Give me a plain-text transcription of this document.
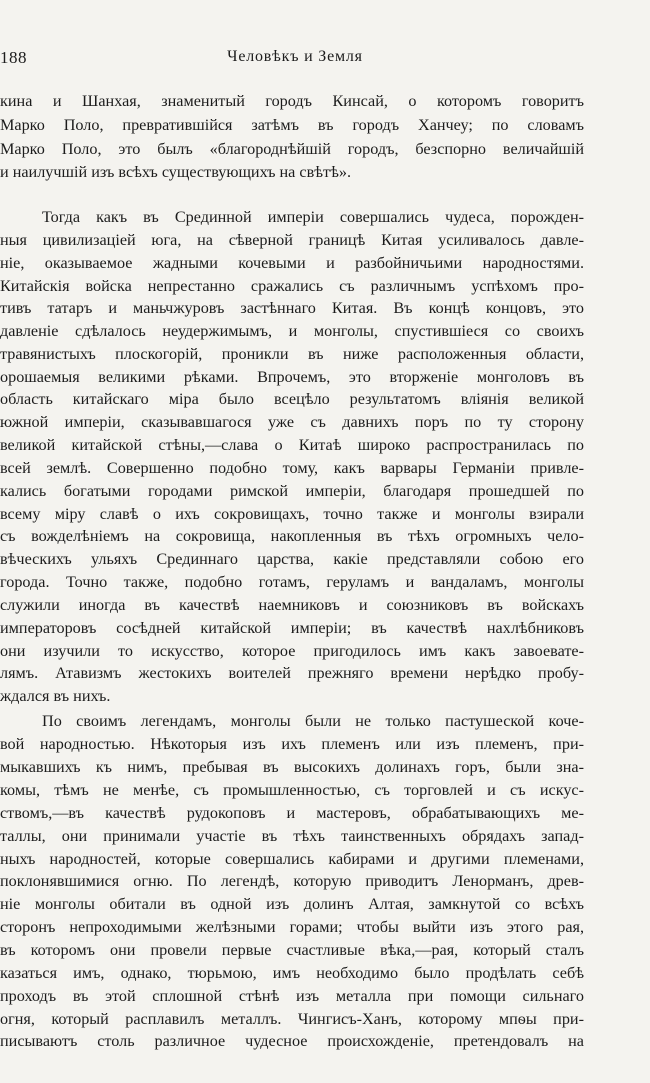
188	Человѣкъ и Земля
кина и Шанхая, знаменитый городъ Кинсай, о которомъ говоритъ
Марко Поло, превратившійся затѣмъ въ городъ Ханчеу; по словамъ
Марко Поло, это былъ «благороднѣйшій городъ, безспорно величайшій
и наилучшій изъ всѣхъ существующихъ на свѣтѣ».
Тогда какъ въ Срединной имперіи совершались чудеса, порожден-
ныя цивилизаціей юга, на сѣверной границѣ Китая усиливалось давле-
ніе, оказываемое жадными кочевыми и разбойничьими народностями.
Китайскія войска непрестанно сражались съ различнымъ успѣхомъ про-
тивъ татаръ и маньчжуровъ застѣннаго Китая. Въ концѣ концовъ, это
давленіе сдѣлалось неудержимымъ, и монголы, спустившіеся со своихъ
травянистыхъ плоскогорій, проникли въ ниже расположенныя области,
орошаемыя великими рѣками. Впрочемъ, это вторженіе монголовъ въ
область китайскаго міра было всецѣло результатомъ вліянія великой
южной имперіи, сказывавшагося уже съ давнихъ поръ по ту сторону
великой китайской стѣны,—слава о Китаѣ широко распространилась по
всей землѣ. Совершенно подобно тому, какъ варвары Германіи привле-
кались богатыми городами римской имперіи, благодаря прошедшей по
всему міру славѣ о ихъ сокровищахъ, точно также и монголы взирали
съ вожделѣніемъ на сокровища, накопленныя въ тѣхъ огромныхъ чело-
вѣческихъ ульяхъ Срединнаго царства, какіе представляли собою его
города. Точно также, подобно готамъ, геруламъ и вандаламъ, монголы
служили иногда въ качествѣ наемниковъ и союзниковъ въ войскахъ
императоровъ сосѣдней китайской имперіи; въ качествѣ нахлѣбниковъ
они изучили то искусство, которое пригодилось имъ какъ завоевате-
лямъ. Атавизмъ жестокихъ воителей прежняго времени нерѣдко пробу-
ждался въ нихъ.
По своимъ легендамъ, монголы были не только пастушеской коче-
вой народностью. Нѣкоторыя изъ ихъ племенъ или изъ племенъ, при-
мыкавшихъ къ нимъ, пребывая въ высокихъ долинахъ горъ, были зна-
комы, тѣмъ не менѣе, съ промышленностью, съ торговлей и съ искус-
ствомъ,—въ качествѣ рудокоповъ и мастеровъ, обрабатывающихъ ме-
таллы, они принимали участіе въ тѣхъ таинственныхъ обрядахъ запад-
ныхъ народностей, которые совершались кабирами и другими племенами,
поклонявшимися огню. По легендѣ, которую приводитъ Ленорманъ, древ-
ніе монголы обитали въ одной изъ долинъ Алтая, замкнутой со всѣхъ
сторонъ непроходимыми желѣзными горами; чтобы выйти изъ этого рая,
въ которомъ они провели первые счастливые вѣка,—рая, который сталъ
казаться имъ, однако, тюрьмою, имъ необходимо было продѣлать себѣ
проходъ въ этой сплошной стѣнѣ изъ металла при помощи сильнаго
огня, который расплавилъ металлъ. Чингисъ-Ханъ, которому мпѳы при-
писываютъ столь различное чудесное происхожденіе, претендовалъ на
